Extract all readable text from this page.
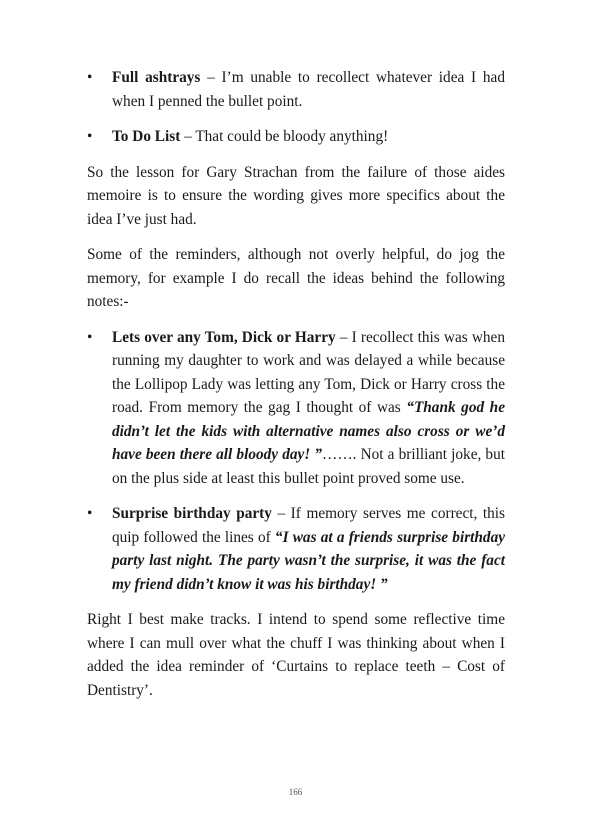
• Full ashtrays – I’m unable to recollect whatever idea I had when I penned the bullet point.
• To Do List – That could be bloody anything!

So the lesson for Gary Strachan from the failure of those aides memoire is to ensure the wording gives more specifics about the idea I’ve just had.

Some of the reminders, although not overly helpful, do jog the memory, for example I do recall the ideas behind the following notes:-

• Lets over any Tom, Dick or Harry – I recollect this was when running my daughter to work and was delayed a while because the Lollipop Lady was letting any Tom, Dick or Harry cross the road. From memory the gag I thought of was “Thank god he didn’t let the kids with alternative names also cross or we’d have been there all bloody day! ”……. Not a brilliant joke, but on the plus side at least this bullet point proved some use.
• Surprise birthday party – If memory serves me correct, this quip followed the lines of “I was at a friends surprise birthday party last night. The party wasn’t the surprise, it was the fact my friend didn’t know it was his birthday! ”

Right I best make tracks. I intend to spend some reflective time where I can mull over what the chuff I was thinking about when I added the idea reminder of ‘Curtains to replace teeth – Cost of Dentistry’.

166
